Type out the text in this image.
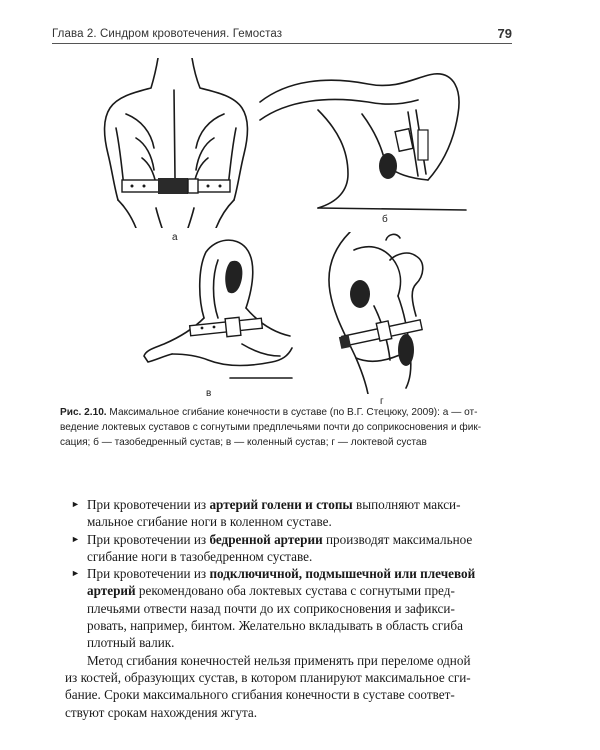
Глава 2. Синдром кровотечения. Гемостаз	79
а
б
в
г
Рис. 2.10. Максимальное сгибание конечности в суставе (по В.Г. Стецюку, 2009): а — от-
ведение локтевых суставов с согнутыми предплечьями почти до соприкосновения и фик-
сация; б — тазобедренный сустав; в — коленный сустав; г — локтевой сустав
► При кровотечении из артерий голени и стопы выполняют макси-
мальное сгибание ноги в коленном суставе.
► При кровотечении из бедренной артерии производят максимальное
сгибание ноги в тазобедренном суставе.
► При кровотечении из подключичной, подмышечной или плечевой
артерий рекомендовано оба локтевых сустава с согнутыми пред-
плечьями отвести назад почти до их соприкосновения и зафикси-
ровать, например, бинтом. Желательно вкладывать в область сгиба
плотный валик.

Метод сгибания конечностей нельзя применять при переломе одной
из костей, образующих сустав, в котором планируют максимальное сги-
бание. Сроки максимального сгибания конечности в суставе соответ-
ствуют срокам нахождения жгута.
